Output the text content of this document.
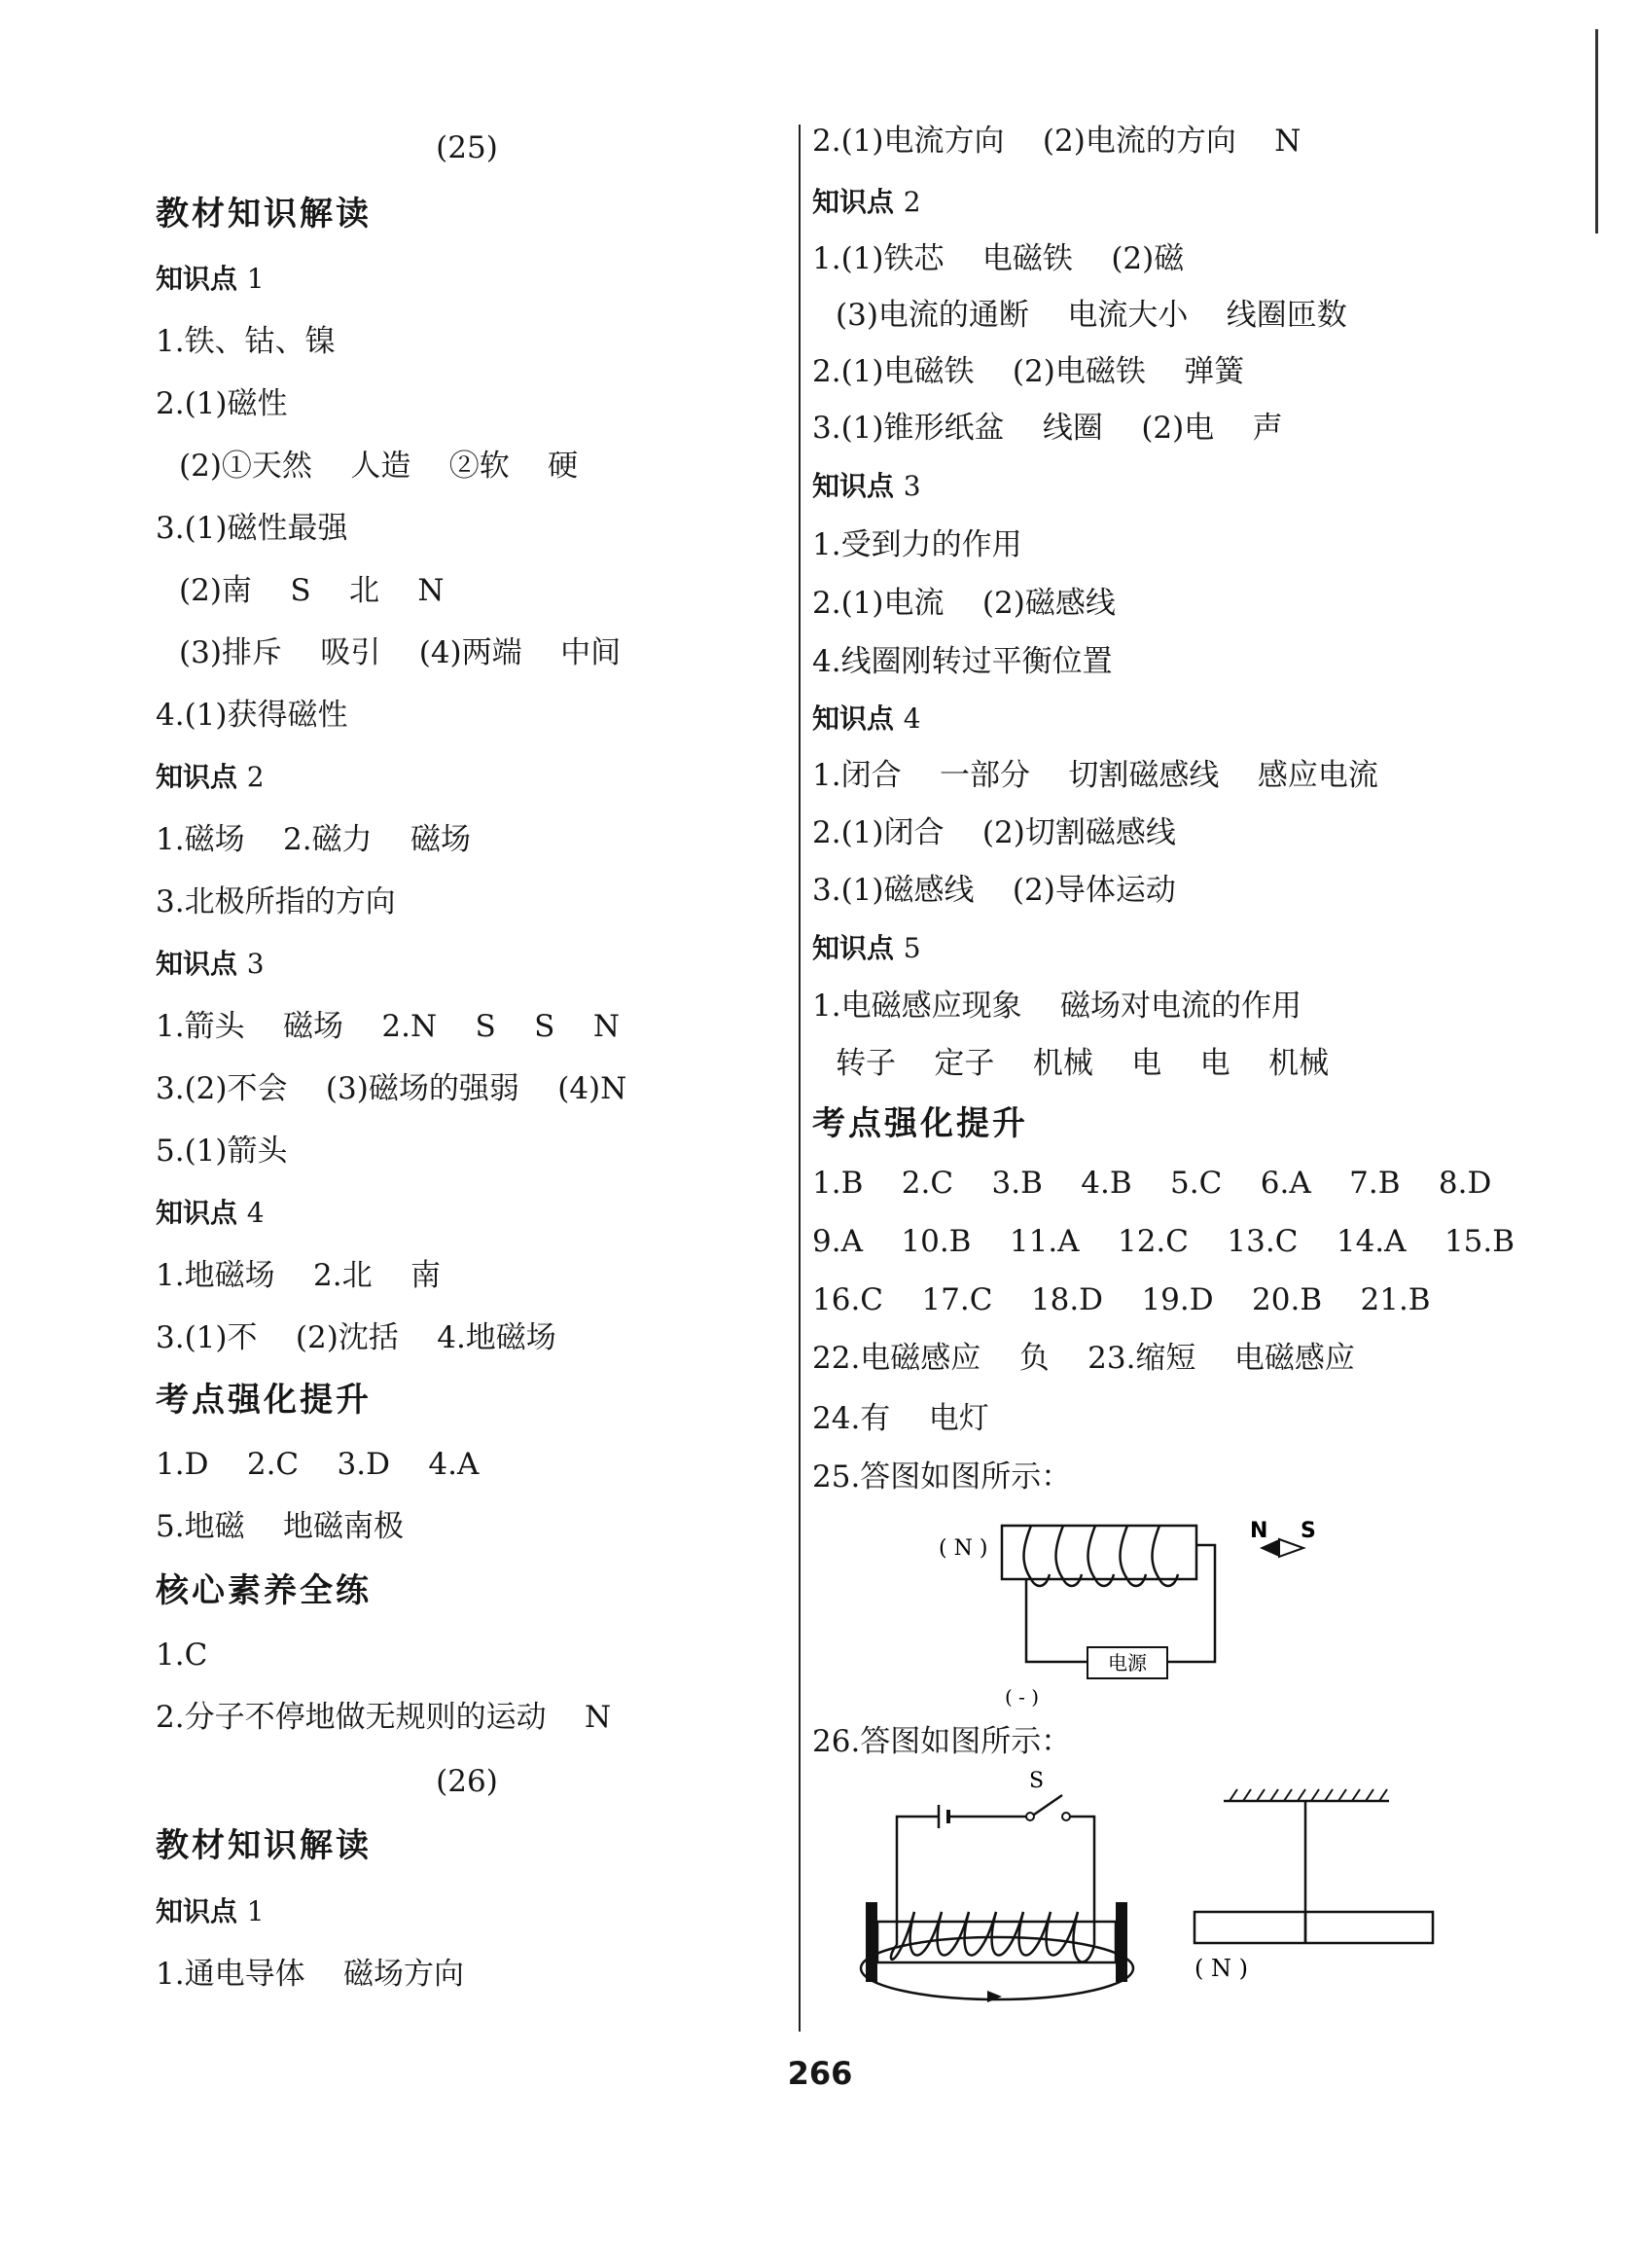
(25)
教材知识解读
知识点 1
1.铁、钴、镍
2.(1)磁性
(2)①天然    人造    ②软    硬
3.(1)磁性最强
(2)南    S    北    N
(3)排斥    吸引    (4)两端    中间
4.(1)获得磁性
知识点 2
1.磁场    2.磁力    磁场
3.北极所指的方向
知识点 3
1.箭头    磁场    2.N    S    S    N
3.(2)不会    (3)磁场的强弱    (4)N
5.(1)箭头
知识点 4
1.地磁场    2.北    南
3.(1)不    (2)沈括    4.地磁场
考点强化提升
1.D    2.C    3.D    4.A
5.地磁    地磁南极
核心素养全练
1.C
2.分子不停地做无规则的运动    N
(26)
教材知识解读
知识点 1
1.通电导体    磁场方向
2.(1)电流方向    (2)电流的方向    N
知识点 2
1.(1)铁芯    电磁铁    (2)磁
(3)电流的通断    电流大小    线圈匝数
2.(1)电磁铁    (2)电磁铁    弹簧
3.(1)锥形纸盆    线圈    (2)电    声
知识点 3
1.受到力的作用
2.(1)电流    (2)磁感线
4.线圈刚转过平衡位置
知识点 4
1.闭合    一部分    切割磁感线    感应电流
2.(1)闭合    (2)切割磁感线
3.(1)磁感线    (2)导体运动
知识点 5
1.电磁感应现象    磁场对电流的作用
转子    定子    机械    电    电    机械
考点强化提升
1.B    2.C    3.B    4.B    5.C    6.A    7.B    8.D
9.A    10.B    11.A    12.C    13.C    14.A    15.B
16.C    17.C    18.D    19.D    20.B    21.B
22.电磁感应    负    23.缩短    电磁感应
24.有    电灯
25.答图如图所示：
26.答图如图所示：
( N )
电源
( - )
N S
S
( N )
266
